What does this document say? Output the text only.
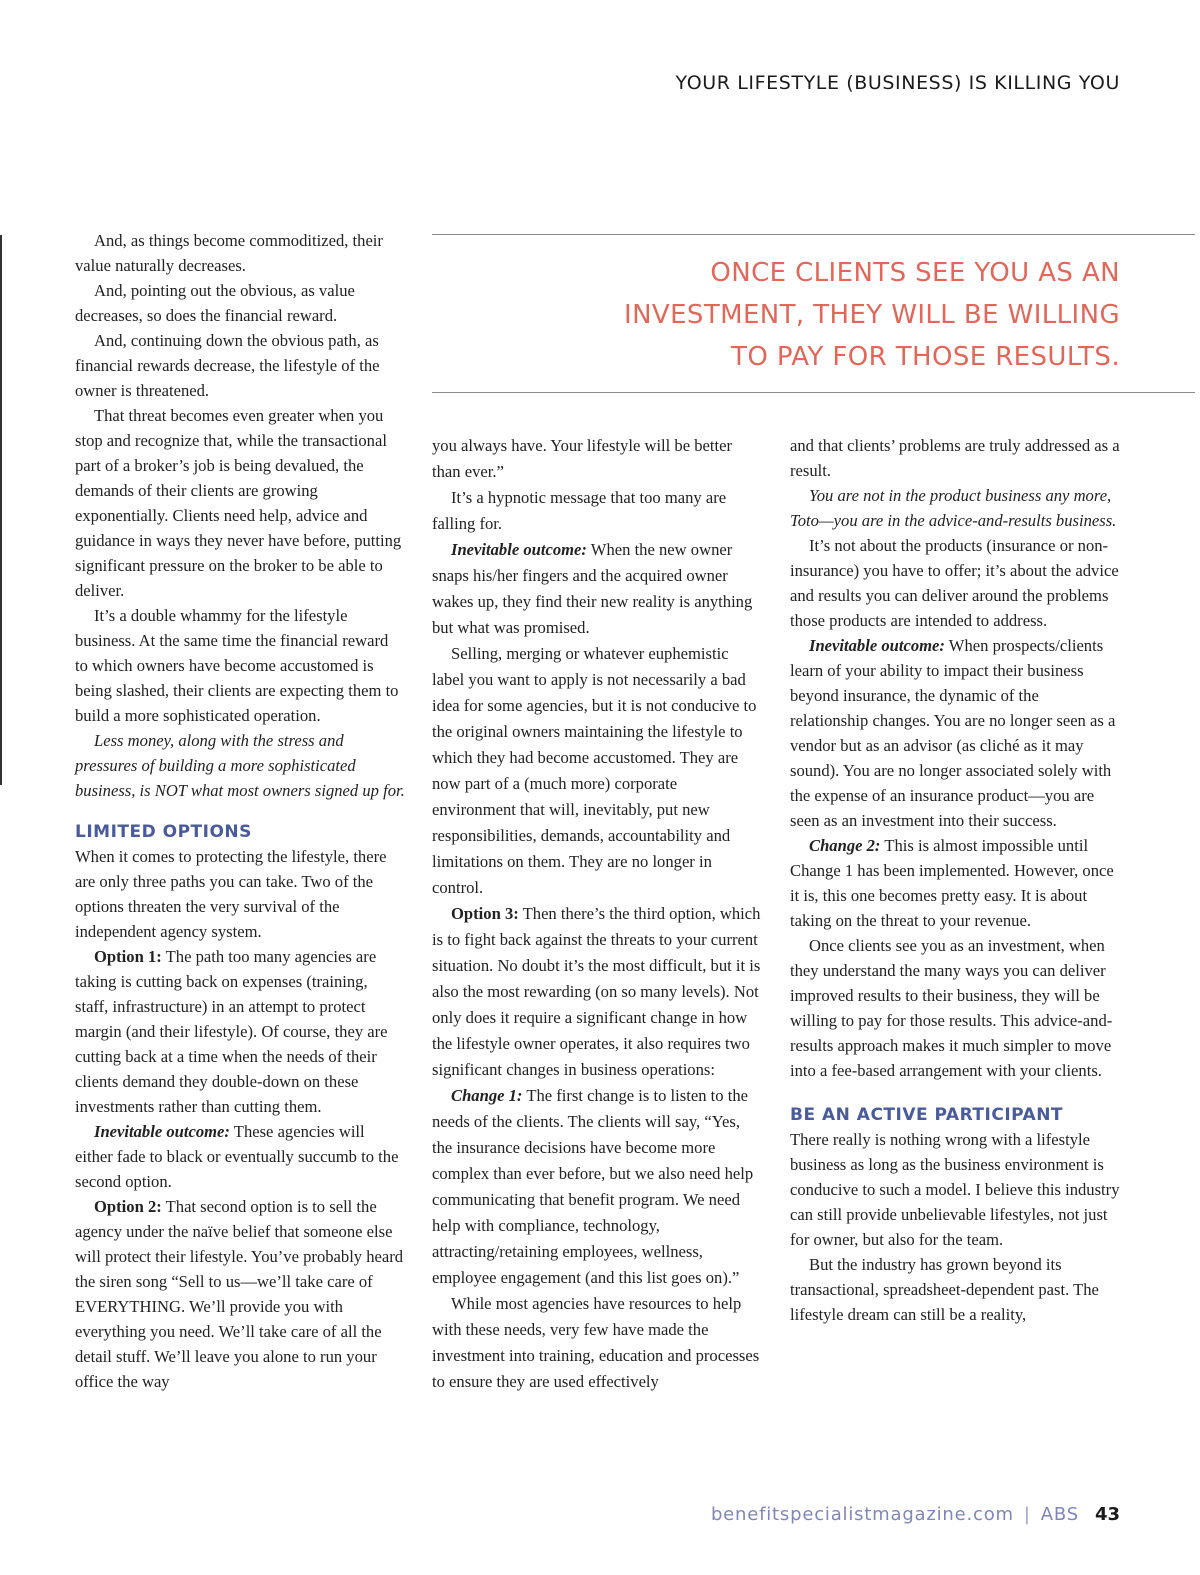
YOUR LIFESTYLE (BUSINESS) IS KILLING YOU

And, as things become commoditized, their value naturally decreases.

And, pointing out the obvious, as value decreases, so does the financial reward.

And, continuing down the obvious path, as financial rewards decrease, the lifestyle of the owner is threatened.

That threat becomes even greater when you stop and recognize that, while the transactional part of a broker’s job is being devalued, the demands of their clients are growing exponentially. Clients need help, advice and guidance in ways they never have before, putting significant pressure on the broker to be able to deliver.

It’s a double whammy for the lifestyle business. At the same time the financial reward to which owners have become accustomed is being slashed, their clients are expecting them to build a more sophisticated operation.

Less money, along with the stress and pressures of building a more sophisticated business, is NOT what most owners signed up for.

LIMITED OPTIONS

When it comes to protecting the lifestyle, there are only three paths you can take. Two of the options threaten the very survival of the independent agency system.

Option 1: The path too many agencies are taking is cutting back on expenses (training, staff, infrastructure) in an attempt to protect margin (and their lifestyle). Of course, they are cutting back at a time when the needs of their clients demand they double-down on these investments rather than cutting them.

Inevitable outcome: These agencies will either fade to black or eventually succumb to the second option.

Option 2: That second option is to sell the agency under the naïve belief that someone else will protect their lifestyle. You’ve probably heard the siren song “Sell to us—we’ll take care of EVERYTHING. We’ll provide you with everything you need. We’ll take care of all the detail stuff. We’ll leave you alone to run your office the way

ONCE CLIENTS SEE YOU AS AN
INVESTMENT, THEY WILL BE WILLING
TO PAY FOR THOSE RESULTS.

you always have. Your lifestyle will be better than ever.”

It’s a hypnotic message that too many are falling for.

Inevitable outcome: When the new owner snaps his/her fingers and the acquired owner wakes up, they find their new reality is anything but what was promised.

Selling, merging or whatever euphemistic label you want to apply is not necessarily a bad idea for some agencies, but it is not conducive to the original owners maintaining the lifestyle to which they had become accustomed. They are now part of a (much more) corporate environment that will, inevitably, put new responsibilities, demands, accountability and limitations on them. They are no longer in control.

Option 3: Then there’s the third option, which is to fight back against the threats to your current situation. No doubt it’s the most difficult, but it is also the most rewarding (on so many levels). Not only does it require a significant change in how the lifestyle owner operates, it also requires two significant changes in business operations:

Change 1: The first change is to listen to the needs of the clients. The clients will say, “Yes, the insurance decisions have become more complex than ever before, but we also need help communicating that benefit program. We need help with compliance, technology, attracting/retaining employees, wellness, employee engagement (and this list goes on).”

While most agencies have resources to help with these needs, very few have made the investment into training, education and processes to ensure they are used effectively

and that clients’ problems are truly addressed as a result.

You are not in the product business any more, Toto—you are in the advice-and-results business.

It’s not about the products (insurance or non-insurance) you have to offer; it’s about the advice and results you can deliver around the problems those products are intended to address.

Inevitable outcome: When prospects/clients learn of your ability to impact their business beyond insurance, the dynamic of the relationship changes. You are no longer seen as a vendor but as an advisor (as cliché as it may sound). You are no longer associated solely with the expense of an insurance product—you are seen as an investment into their success.

Change 2: This is almost impossible until Change 1 has been implemented. However, once it is, this one becomes pretty easy. It is about taking on the threat to your revenue.

Once clients see you as an investment, when they understand the many ways you can deliver improved results to their business, they will be willing to pay for those results. This advice-and-results approach makes it much simpler to move into a fee-based arrangement with your clients.

BE AN ACTIVE PARTICIPANT

There really is nothing wrong with a lifestyle business as long as the business environment is conducive to such a model. I believe this industry can still provide unbelievable lifestyles, not just for owner, but also for the team.

But the industry has grown beyond its transactional, spreadsheet-dependent past. The lifestyle dream can still be a reality,

benefitspecialistmagazine.com | ABS 43
